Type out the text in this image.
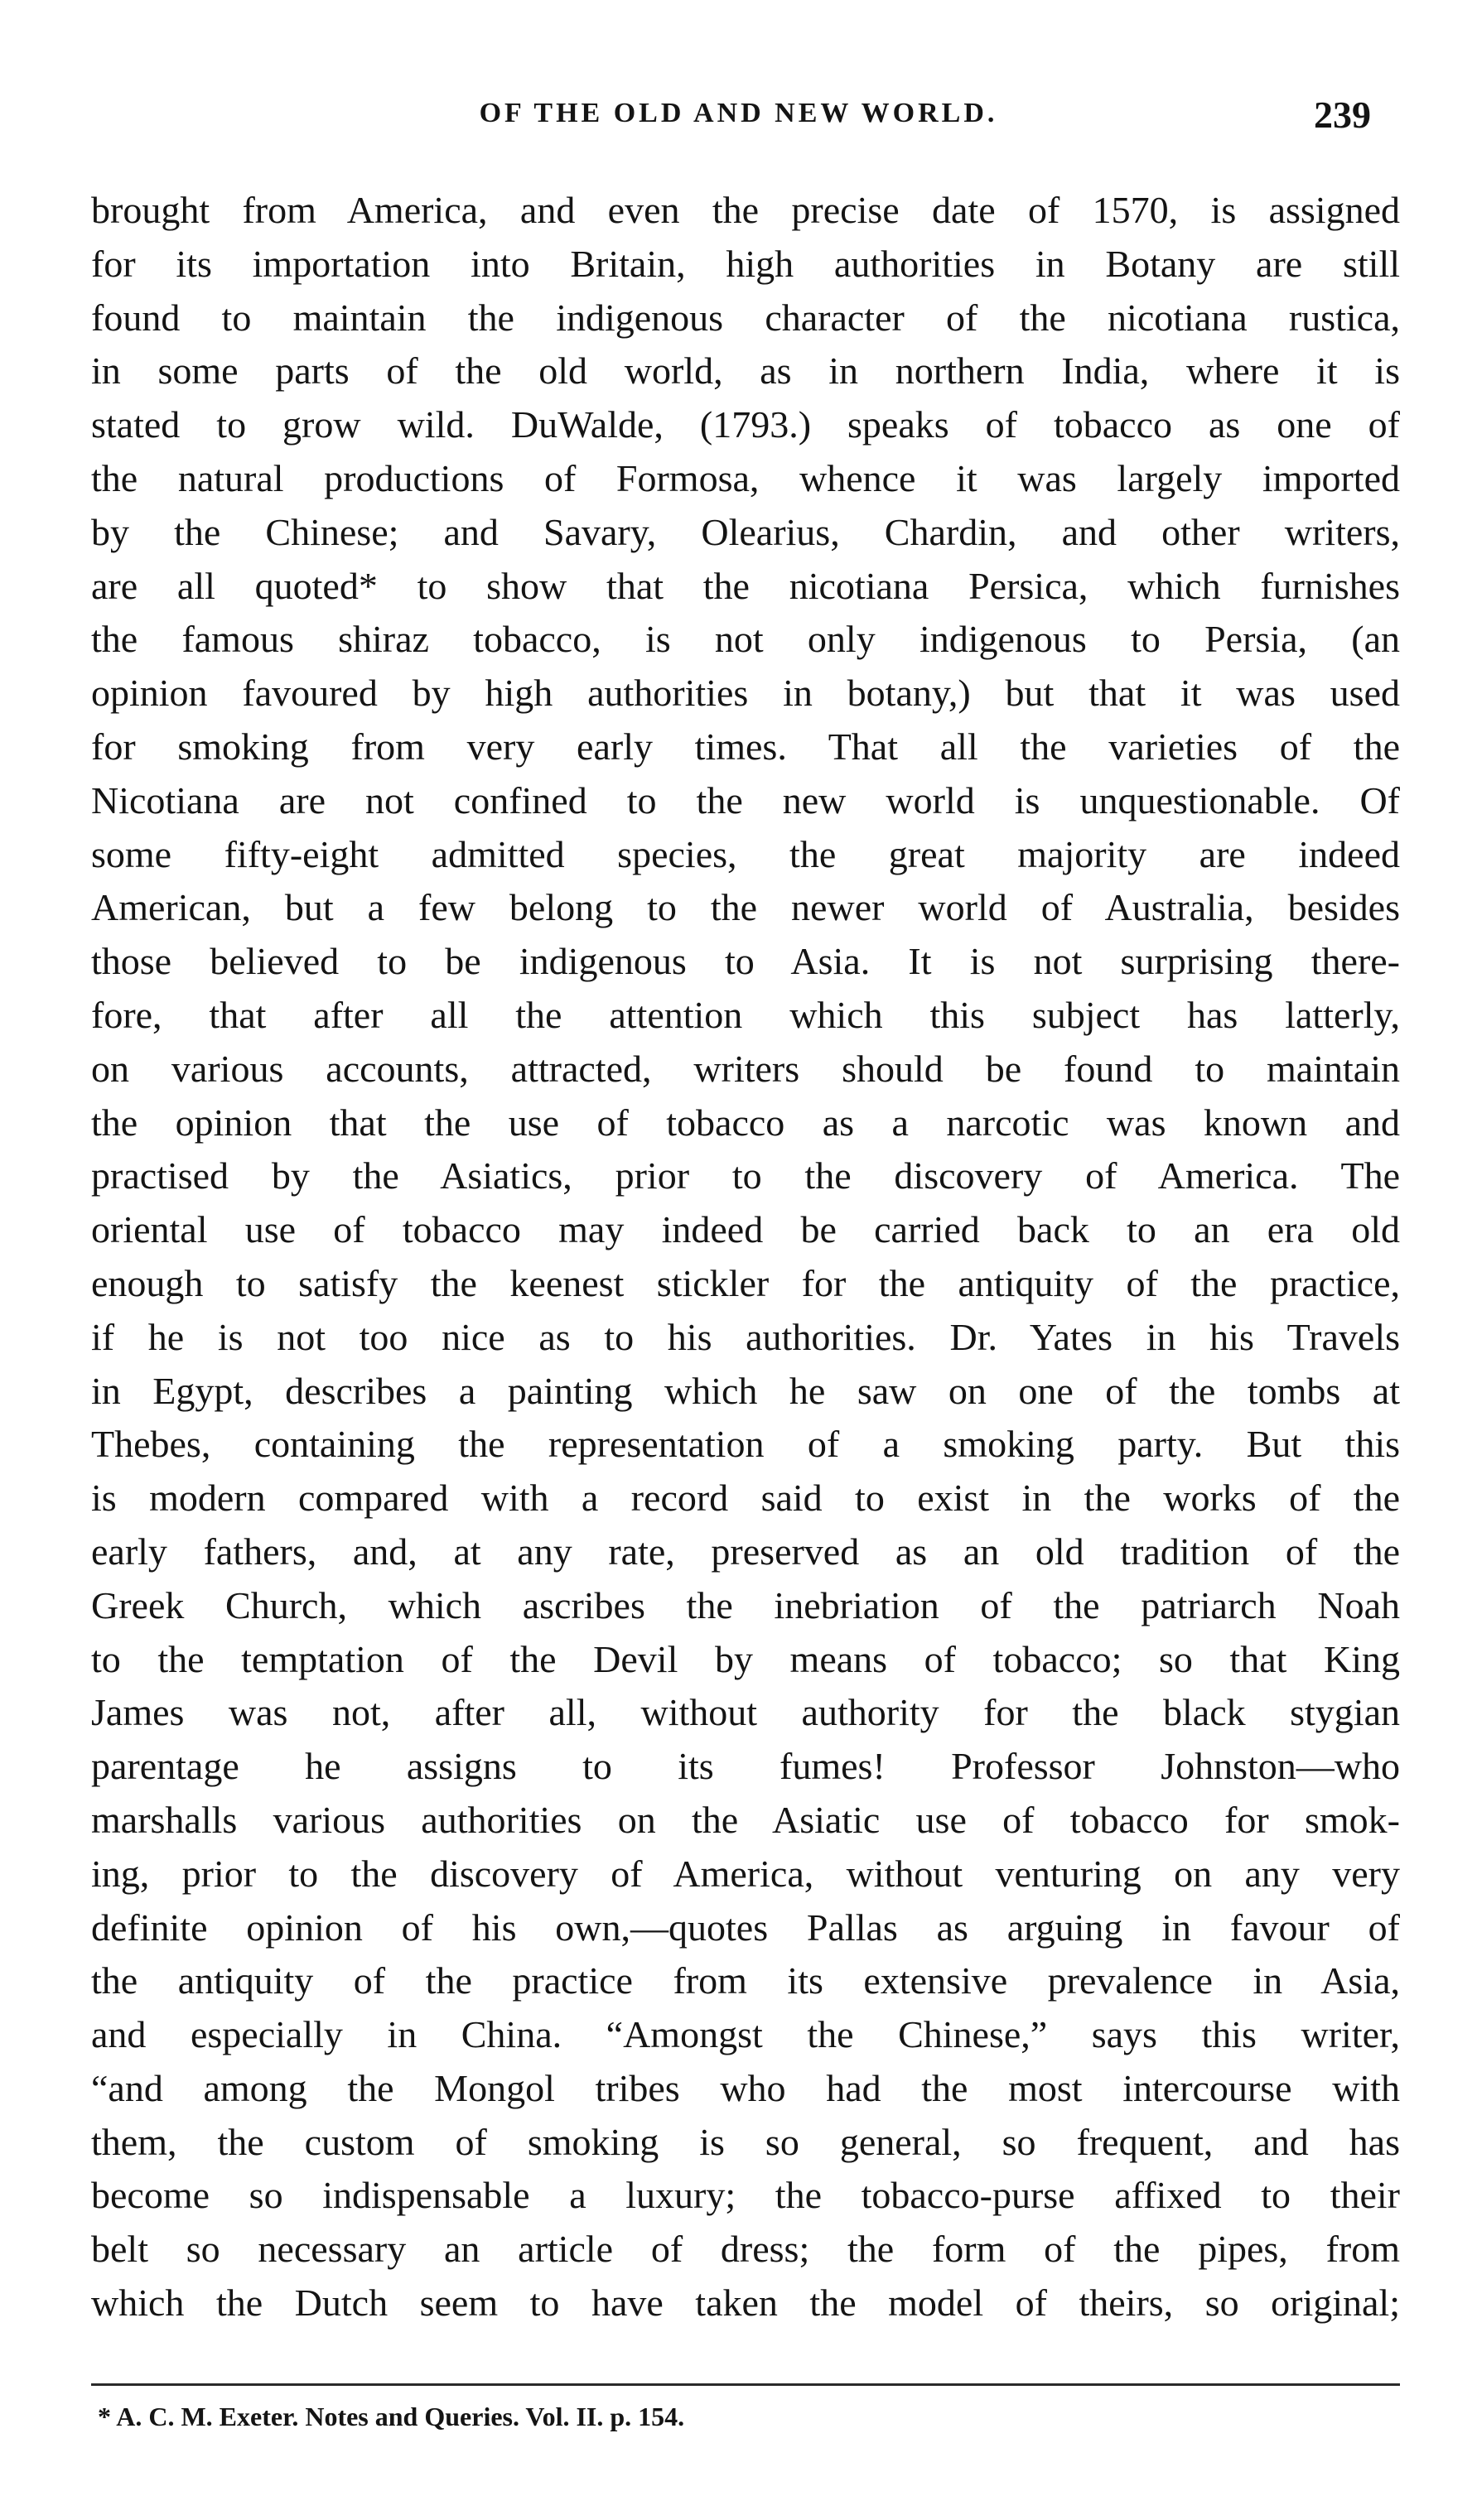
OF THE OLD AND NEW WORLD.	239
brought from America, and even the precise date of 1570, is assigned
for its importation into Britain, high authorities in Botany are still
found to maintain the indigenous character of the nicotiana rustica,
in some parts of the old world, as in northern India, where it is
stated to grow wild. DuWalde, (1793.) speaks of tobacco as one of
the natural productions of Formosa, whence it was largely imported
by the Chinese; and Savary, Olearius, Chardin, and other writers,
are all quoted* to show that the nicotiana Persica, which furnishes
the famous shiraz tobacco, is not only indigenous to Persia, (an
opinion favoured by high authorities in botany,) but that it was used
for smoking from very early times. That all the varieties of the
Nicotiana are not confined to the new world is unquestionable. Of
some fifty-eight admitted species, the great majority are indeed
American, but a few belong to the newer world of Australia, besides
those believed to be indigenous to Asia. It is not surprising there-
fore, that after all the attention which this subject has latterly,
on various accounts, attracted, writers should be found to maintain
the opinion that the use of tobacco as a narcotic was known and
practised by the Asiatics, prior to the discovery of America. The
oriental use of tobacco may indeed be carried back to an era old
enough to satisfy the keenest stickler for the antiquity of the practice,
if he is not too nice as to his authorities. Dr. Yates in his Travels
in Egypt, describes a painting which he saw on one of the tombs at
Thebes, containing the representation of a smoking party. But this
is modern compared with a record said to exist in the works of the
early fathers, and, at any rate, preserved as an old tradition of the
Greek Church, which ascribes the inebriation of the patriarch Noah
to the temptation of the Devil by means of tobacco; so that King
James was not, after all, without authority for the black stygian
parentage he assigns to its fumes! Professor Johnston—who
marshalls various authorities on the Asiatic use of tobacco for smok-
ing, prior to the discovery of America, without venturing on any very
definite opinion of his own,—quotes Pallas as arguing in favour of
the antiquity of the practice from its extensive prevalence in Asia,
and especially in China. “Amongst the Chinese,” says this writer,
“and among the Mongol tribes who had the most intercourse with
them, the custom of smoking is so general, so frequent, and has
become so indispensable a luxury; the tobacco-purse affixed to their
belt so necessary an article of dress; the form of the pipes, from
which the Dutch seem to have taken the model of theirs, so original;
* A. C. M. Exeter. Notes and Queries. Vol. II. p. 154.
